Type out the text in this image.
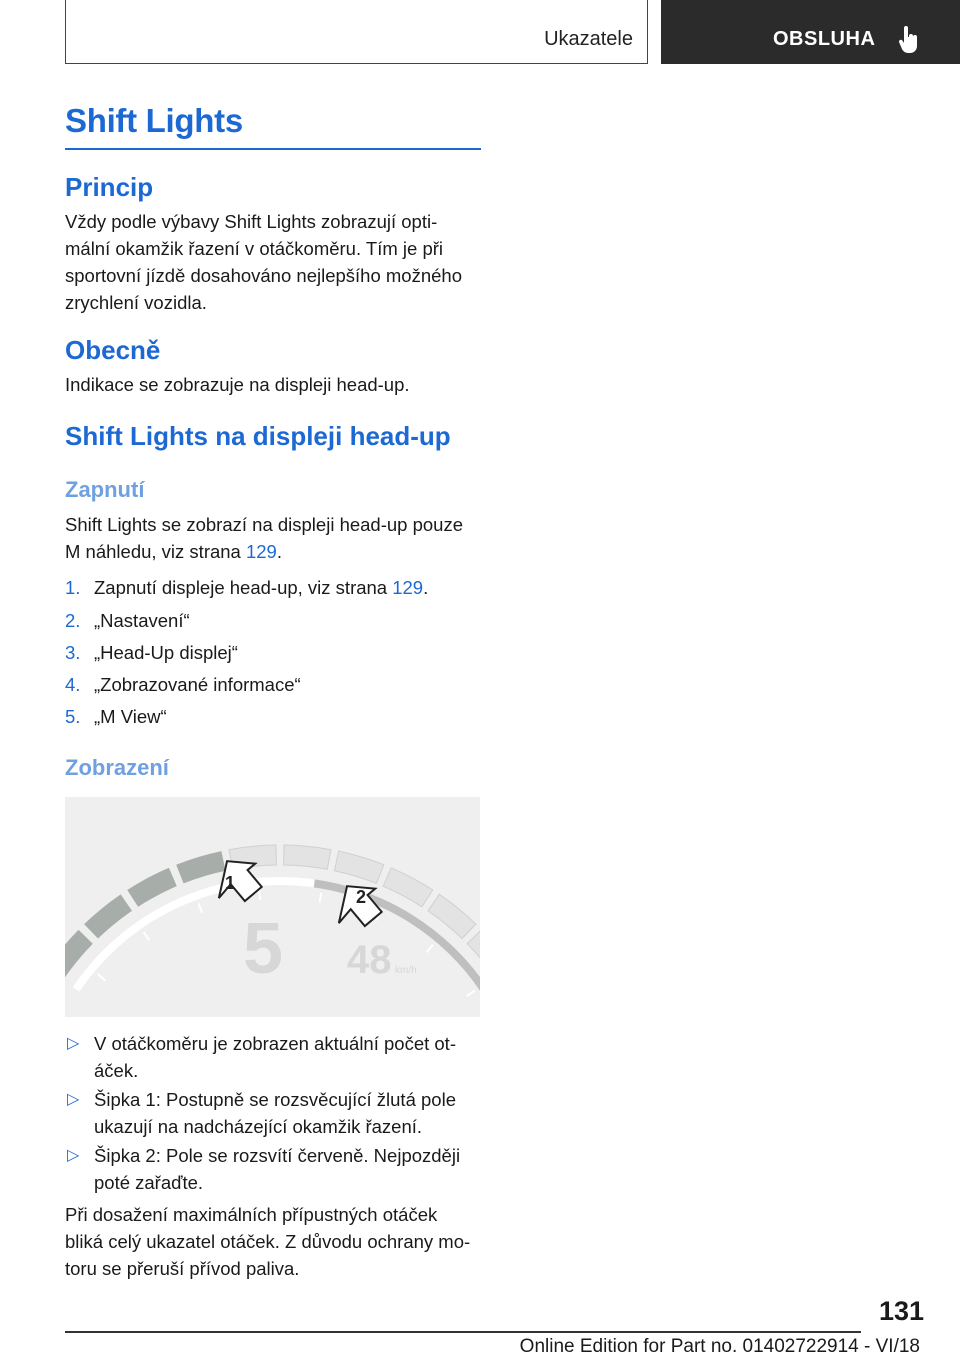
Ukazatele	OBSLUHA
Shift Lights
Princip
Vždy podle výbavy Shift Lights zobrazují opti‐
mální okamžik řazení v otáčkoměru. Tím je při
sportovní jízdě dosahováno nejlepšího možného
zrychlení vozidla.
Obecně
Indikace se zobrazuje na displeji head-up.
Shift Lights na displeji head-up
Zapnutí
Shift Lights se zobrazí na displeji head-up pouze
M náhledu, viz strana 129.
1. Zapnutí displeje head-up, viz strana 129.
2. „Nastavení“
3. „Head-Up displej“
4. „Zobrazované informace“
5. „M View“
Zobrazení
5 48 km/h
1
2
▷ V otáčkoměru je zobrazen aktuální počet ot‐
áček.
▷ Šipka 1: Postupně se rozsvěcující žlutá pole
ukazují na nadcházející okamžik řazení.
▷ Šipka 2: Pole se rozsvítí červeně. Nejpozději
poté zařaďte.
Při dosažení maximálních přípustných otáček
bliká celý ukazatel otáček. Z důvodu ochrany mo‐
toru se přeruší přívod paliva.
131
Online Edition for Part no. 01402722914 - VI/18
